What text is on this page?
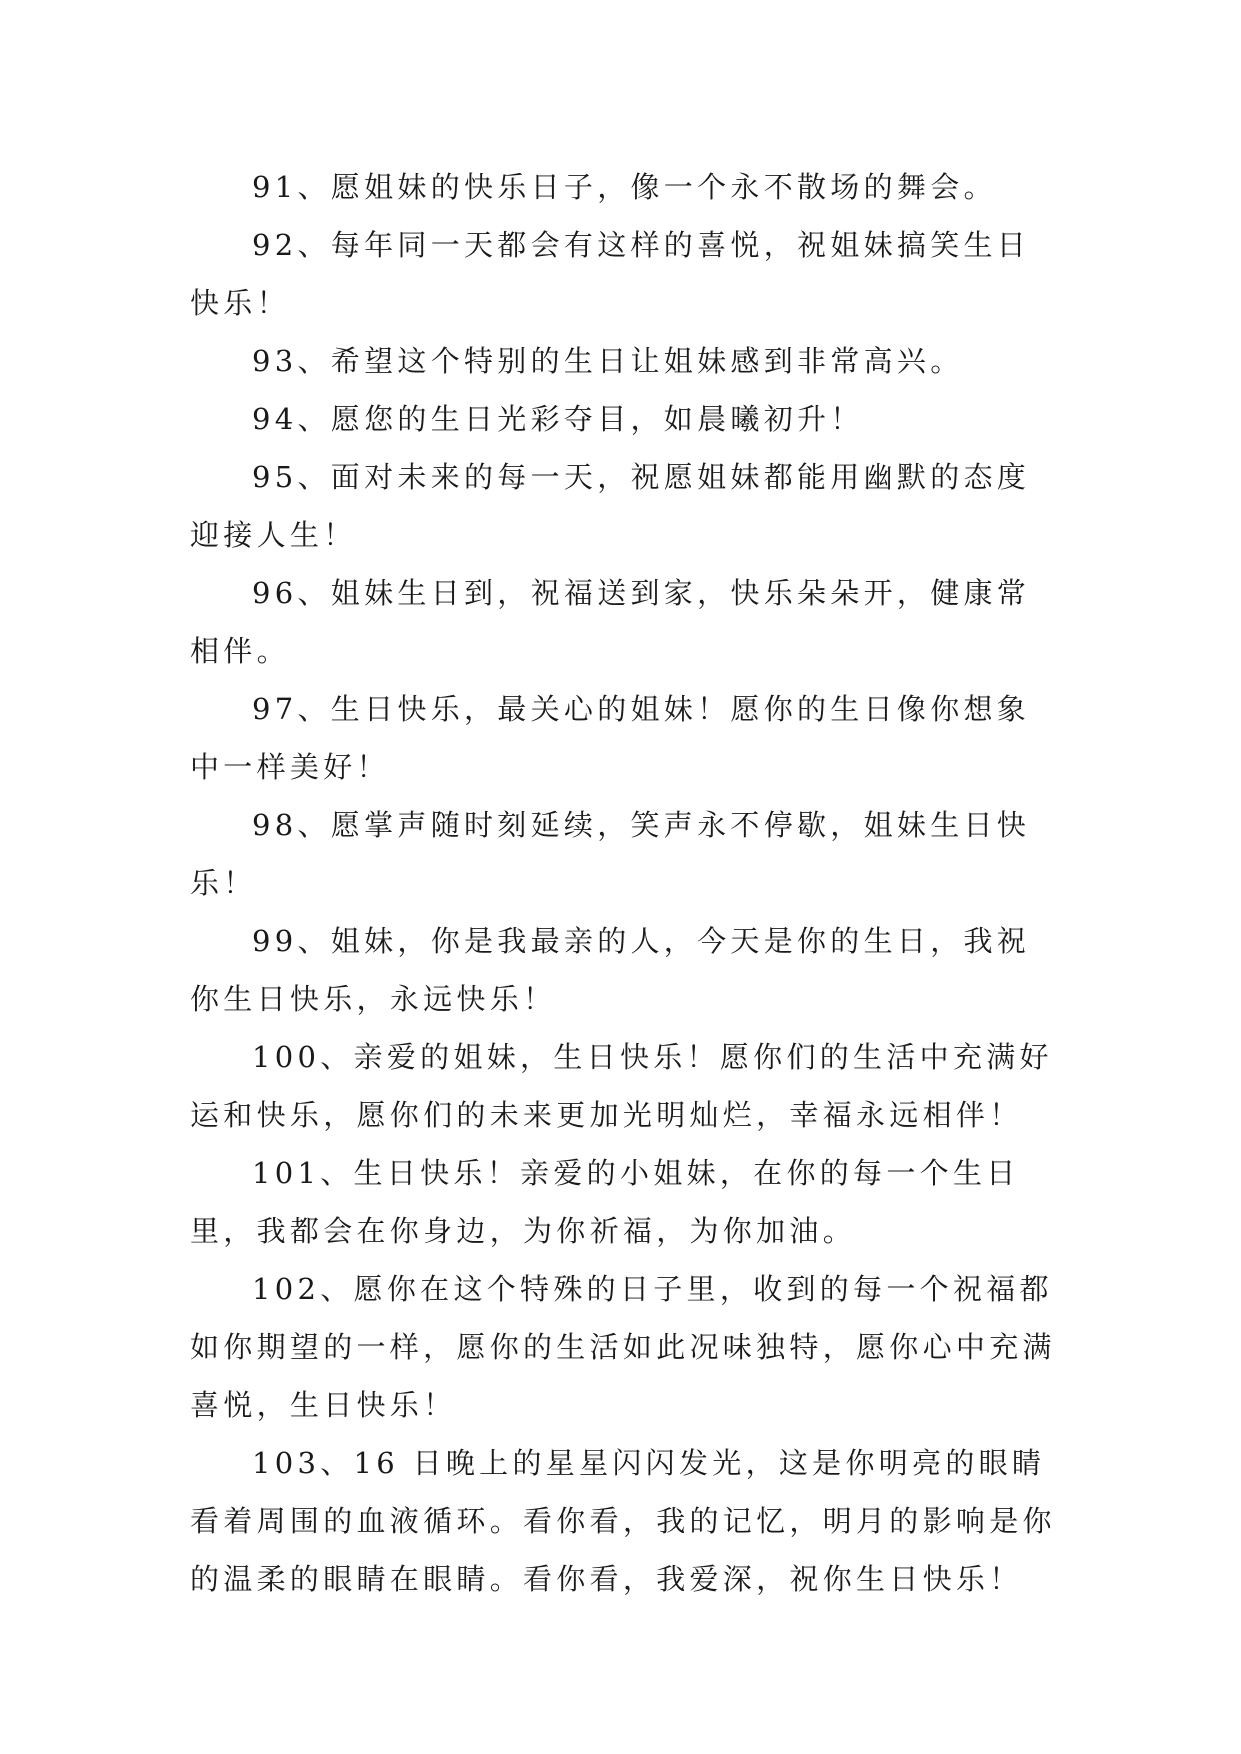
91、愿姐妹的快乐日子，像一个永不散场的舞会。

92、每年同一天都会有这样的喜悦，祝姐妹搞笑生日快乐！

93、希望这个特别的生日让姐妹感到非常高兴。

94、愿您的生日光彩夺目，如晨曦初升！

95、面对未来的每一天，祝愿姐妹都能用幽默的态度迎接人生！

96、姐妹生日到，祝福送到家，快乐朵朵开，健康常相伴。

97、生日快乐，最关心的姐妹！愿你的生日像你想象中一样美好！

98、愿掌声随时刻延续，笑声永不停歇，姐妹生日快乐！

99、姐妹，你是我最亲的人，今天是你的生日，我祝你生日快乐，永远快乐！

100、亲爱的姐妹，生日快乐！愿你们的生活中充满好运和快乐，愿你们的未来更加光明灿烂，幸福永远相伴！

101、生日快乐！亲爱的小姐妹，在你的每一个生日里，我都会在你身边，为你祈福，为你加油。

102、愿你在这个特殊的日子里，收到的每一个祝福都如你期望的一样，愿你的生活如此况味独特，愿你心中充满喜悦，生日快乐！

103、16 日晚上的星星闪闪发光，这是你明亮的眼睛看着周围的血液循环。看你看，我的记忆，明月的影响是你的温柔的眼睛在眼睛。看你看，我爱深，祝你生日快乐！
